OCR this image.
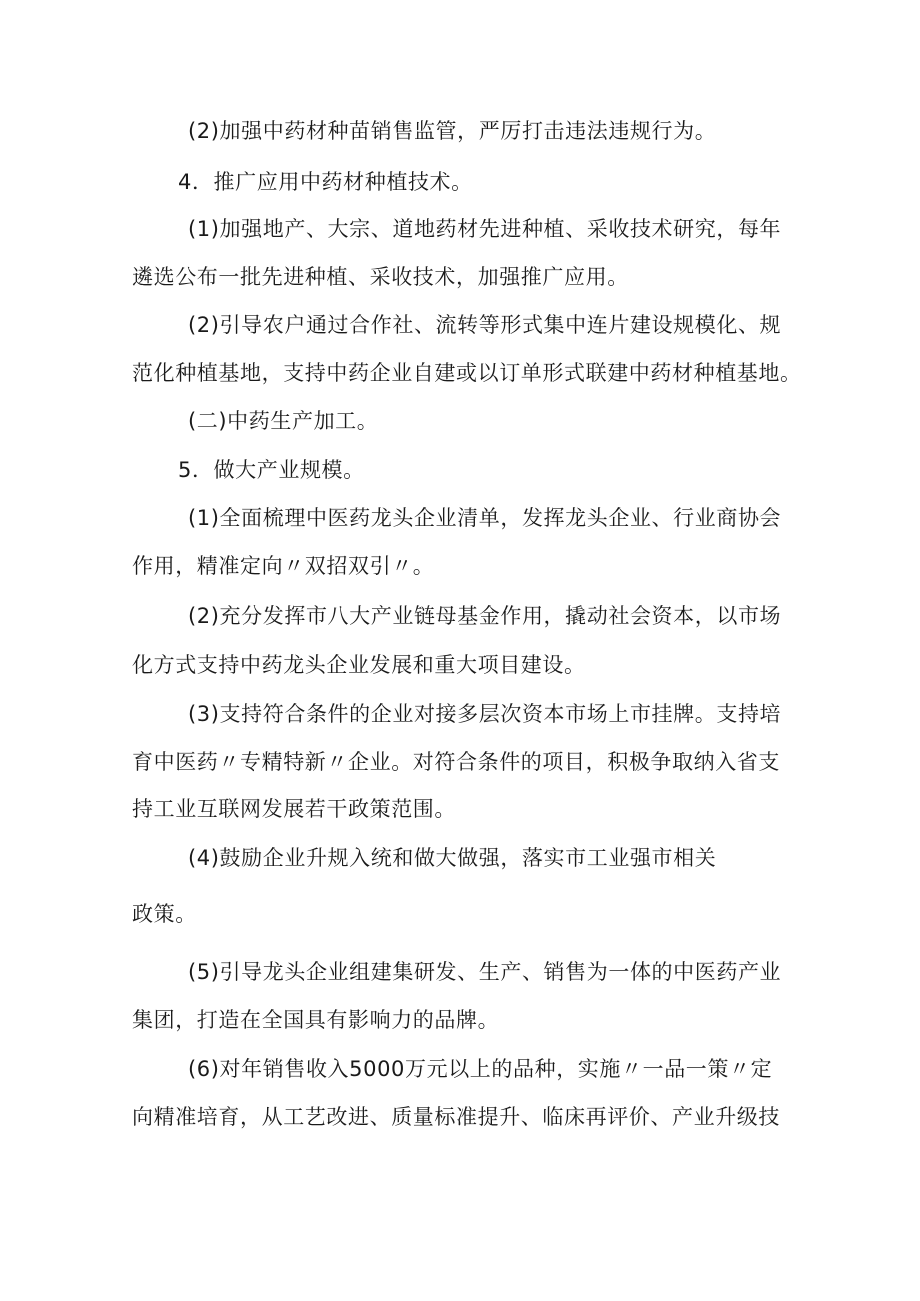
(2)加强中药材种苗销售监管，严厉打击违法违规行为。
4．推广应用中药材种植技术。
(1)加强地产、大宗、道地药材先进种植、采收技术研究，每年
遴选公布一批先进种植、采收技术，加强推广应用。
(2)引导农户通过合作社、流转等形式集中连片建设规模化、规
范化种植基地，支持中药企业自建或以订单形式联建中药材种植基地。
(二)中药生产加工。
5．做大产业规模。
(1)全面梳理中医药龙头企业清单，发挥龙头企业、行业商协会
作用，精准定向〃双招双引〃。
(2)充分发挥市八大产业链母基金作用，撬动社会资本，以市场
化方式支持中药龙头企业发展和重大项目建设。
(3)支持符合条件的企业对接多层次资本市场上市挂牌。支持培
育中医药〃专精特新〃企业。对符合条件的项目，积极争取纳入省支
持工业互联网发展若干政策范围。
(4)鼓励企业升规入统和做大做强，落实市工业强市相关
政策。
(5)引导龙头企业组建集研发、生产、销售为一体的中医药产业
集团，打造在全国具有影响力的品牌。
(6)对年销售收入5000万元以上的品种，实施〃一品一策〃定
向精准培育，从工艺改进、质量标准提升、临床再评价、产业升级技
